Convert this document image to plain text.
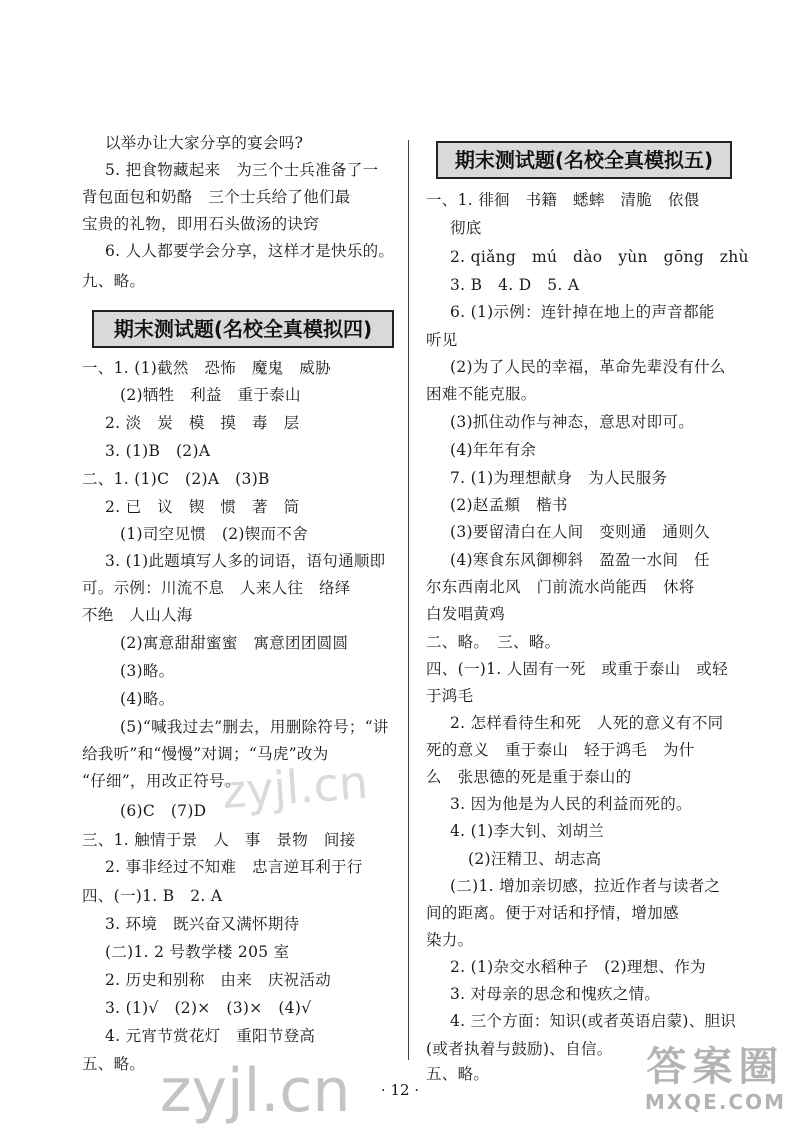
以举办让大家分享的宴会吗?
5. 把食物藏起来　为三个士兵准备了一
背包面包和奶酪　三个士兵给了他们最
宝贵的礼物，即用石头做汤的诀窍
6. 人人都要学会分享，这样才是快乐的。
九、略。
期末测试题(名校全真模拟四)
一、1. (1)截然　恐怖　魔鬼　威胁
(2)牺牲　利益　重于泰山
2. 淡　炭　模　摸　毒　层
3. (1)B　(2)A
二、1. (1)C　(2)A　(3)B
2. 已　议　锲　惯　著　筒
(1)司空见惯　(2)锲而不舍
3. (1)此题填写人多的词语，语句通顺即
可。示例：川流不息　人来人往　络绎
不绝　人山人海
(2)寓意甜甜蜜蜜　寓意团团圆圆
(3)略。
(4)略。
(5)“喊我过去”删去，用删除符号；“讲
给我听”和“慢慢”对调；“马虎”改为
“仔细”，用改正符号。
(6)C　(7)D
三、1. 触情于景　人　事　景物　间接
2. 事非经过不知难　忠言逆耳利于行
四、(一)1. B　2. A
3. 环境　既兴奋又满怀期待
(二)1. 2 号教学楼 205 室
2. 历史和别称　由来　庆祝活动
3. (1)√　(2)×　(3)×　(4)√
4. 元宵节赏花灯　重阳节登高
五、略。
期末测试题(名校全真模拟五)
一、1. 徘徊　书籍　蟋蟀　清脆　依偎
彻底
2. qiǎng　mú　dào　yùn　gōng　zhù
3. B　4. D　5. A
6. (1)示例：连针掉在地上的声音都能
听见
(2)为了人民的幸福，革命先辈没有什么
困难不能克服。
(3)抓住动作与神态，意思对即可。
(4)年年有余
7. (1)为理想献身　为人民服务
(2)赵孟頫　楷书
(3)要留清白在人间　变则通　通则久
(4)寒食东风御柳斜　盈盈一水间　任
尔东西南北风　门前流水尚能西　休将
白发唱黄鸡
二、略。　三、略。
四、(一)1. 人固有一死　或重于泰山　或轻
于鸿毛
2. 怎样看待生和死　人死的意义有不同
死的意义　重于泰山　轻于鸿毛　为什
么　张思德的死是重于泰山的
3. 因为他是为人民的利益而死的。
4. (1)李大钊、刘胡兰
(2)汪精卫、胡志高
(二)1. 增加亲切感，拉近作者与读者之
间的距离。便于对话和抒情，增加感
染力。
2. (1)杂交水稻种子　(2)理想、作为
3. 对母亲的思念和愧疚之情。
4. 三个方面：知识(或者英语启蒙)、胆识
(或者执着与鼓励)、自信。
五、略。
· 12 ·
zyjl.cn
zyjl.cn	答案圈
MXQE.COM
